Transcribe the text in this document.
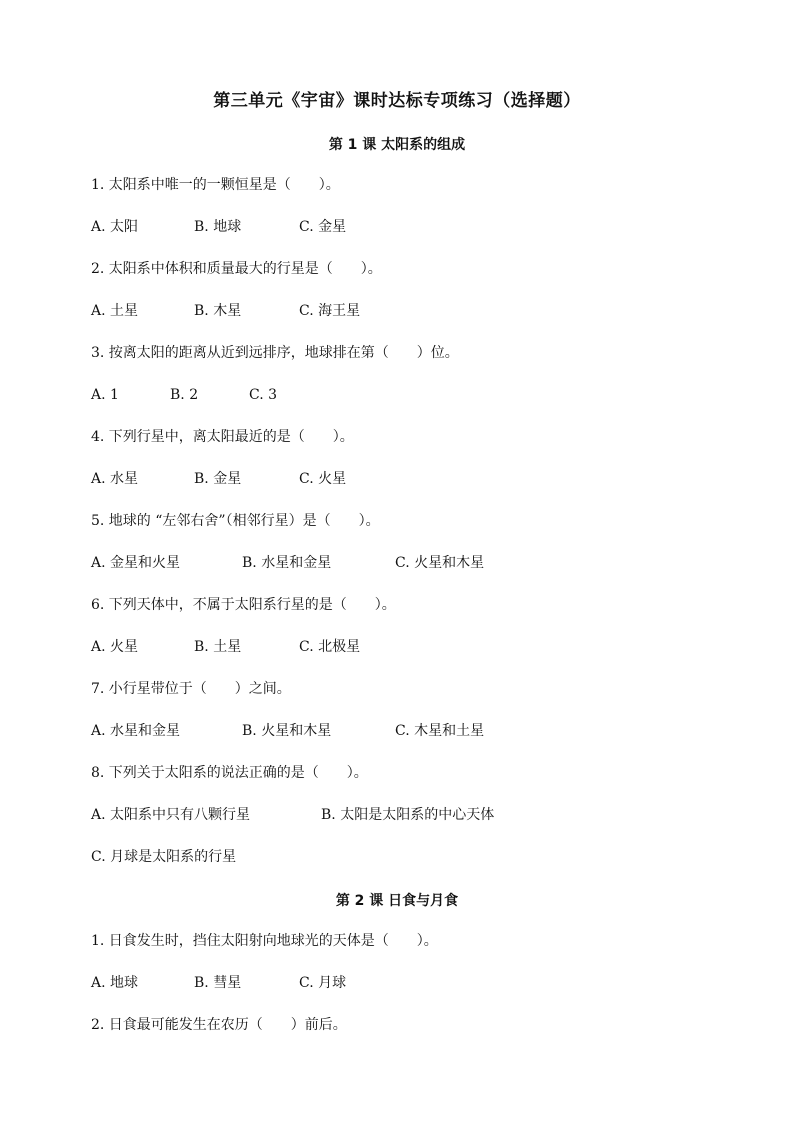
第三单元《宇宙》课时达标专项练习（选择题）
第 1 课 太阳系的组成
1. 太阳系中唯一的一颗恒星是（　　）。
A. 太阳	B. 地球	C. 金星
2. 太阳系中体积和质量最大的行星是（　　）。
A. 土星	B. 木星	C. 海王星
3. 按离太阳的距离从近到远排序，地球排在第（　　）位。
A. 1	B. 2	C. 3
4. 下列行星中，离太阳最近的是（　　）。
A. 水星	B. 金星	C. 火星
5. 地球的 “左邻右舍”（相邻行星）是（　　）。
A. 金星和火星	B. 水星和金星	C. 火星和木星
6. 下列天体中，不属于太阳系行星的是（　　）。
A. 火星	B. 土星	C. 北极星
7. 小行星带位于（　　）之间。
A. 水星和金星	B. 火星和木星	C. 木星和土星
8. 下列关于太阳系的说法正确的是（　　）。
A. 太阳系中只有八颗行星	B. 太阳是太阳系的中心天体
C. 月球是太阳系的行星
第 2 课 日食与月食
1. 日食发生时，挡住太阳射向地球光的天体是（　　）。
A. 地球	B. 彗星	C. 月球
2. 日食最可能发生在农历（　　）前后。
